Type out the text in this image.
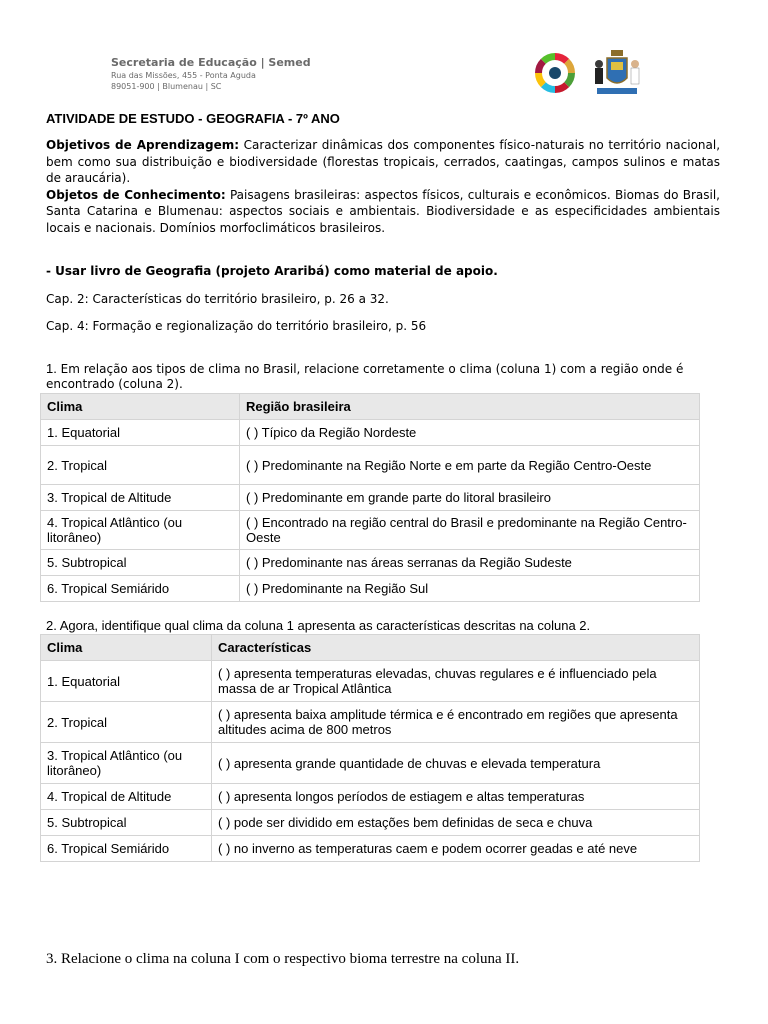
Secretaria de Educação | Semed
Rua das Missões, 455 - Ponta Aguda
89051-900 | Blumenau | SC
ATIVIDADE DE ESTUDO - GEOGRAFIA - 7º ANO

Objetivos de Aprendizagem: Caracterizar dinâmicas dos componentes físico-naturais no território nacional, bem como sua distribuição e biodiversidade (florestas tropicais, cerrados, caatingas, campos sulinos e matas de araucária).

Objetos de Conhecimento: Paisagens brasileiras: aspectos físicos, culturais e econômicos. Biomas do Brasil, Santa Catarina e Blumenau: aspectos sociais e ambientais. Biodiversidade e as especificidades ambientais locais e nacionais. Domínios morfoclimáticos brasileiros.

- Usar livro de Geografia (projeto Araribá) como material de apoio.
Cap. 2: Características do território brasileiro, p. 26 a 32.
Cap. 4: Formação e regionalização do território brasileiro, p. 56
1. Em relação aos tipos de clima no Brasil, relacione corretamente o clima (coluna 1) com a região onde é encontrado (coluna 2).
Clima	Região brasileira
1. Equatorial	( ) Típico da Região Nordeste
2. Tropical	( ) Predominante na Região Norte e em parte da Região Centro-Oeste
3. Tropical de Altitude	( ) Predominante em grande parte do litoral brasileiro
4. Tropical Atlântico (ou litorâneo)	( ) Encontrado na região central do Brasil e predominante na Região Centro-Oeste
5. Subtropical	( ) Predominante nas áreas serranas da Região Sudeste
6. Tropical Semiárido	( ) Predominante na Região Sul
2. Agora, identifique qual clima da coluna 1 apresenta as características descritas na coluna 2.
Clima	Características
1. Equatorial	( ) apresenta temperaturas elevadas, chuvas regulares e é influenciado pela massa de ar Tropical Atlântica
2. Tropical	( ) apresenta baixa amplitude térmica e é encontrado em regiões que apresenta altitudes acima de 800 metros
3. Tropical Atlântico (ou litorâneo)	( ) apresenta grande quantidade de chuvas e elevada temperatura
4. Tropical de Altitude	( ) apresenta longos períodos de estiagem e altas temperaturas
5. Subtropical	( ) pode ser dividido em estações bem definidas de seca e chuva
6. Tropical Semiárido	( ) no inverno as temperaturas caem e podem ocorrer geadas e até neve
3. Relacione o clima na coluna I com o respectivo bioma terrestre na coluna II.
